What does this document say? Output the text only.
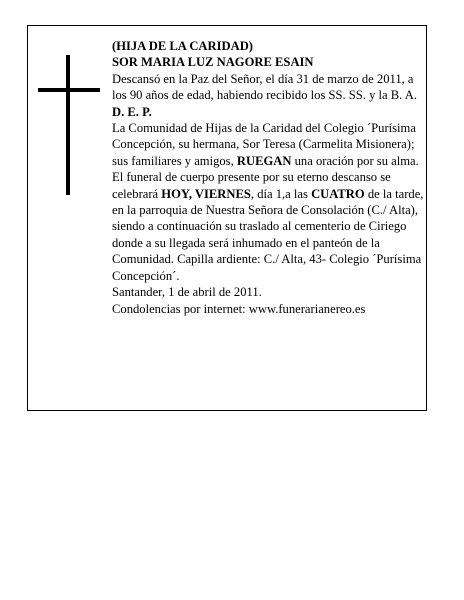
(HIJA DE LA CARIDAD)

SOR MARIA LUZ NAGORE ESAIN

Descansó en la Paz del Señor, el día 31 de marzo de 2011, a los 90 años de edad, habiendo recibido los SS. SS. y la B. A.

D. E. P.

La Comunidad de Hijas de la Caridad del Colegio ´Purísima Concepción, su hermana, Sor Teresa (Carmelita Misionera); sus familiares y amigos, RUEGAN una oración por su alma. El funeral de cuerpo presente por su eterno descanso se celebrará HOY, VIERNES, día 1,a las CUATRO de la tarde, en la parroquia de Nuestra Señora de Consolación (C./ Alta), siendo a continuación su traslado al cementerio de Ciriego donde a su llegada será inhumado en el panteón de la Comunidad. Capilla ardiente: C./ Alta, 43- Colegio ´Purísima Concepción´.

Santander, 1 de abril de 2011.

Condolencias por internet: www.funerarianereo.es
